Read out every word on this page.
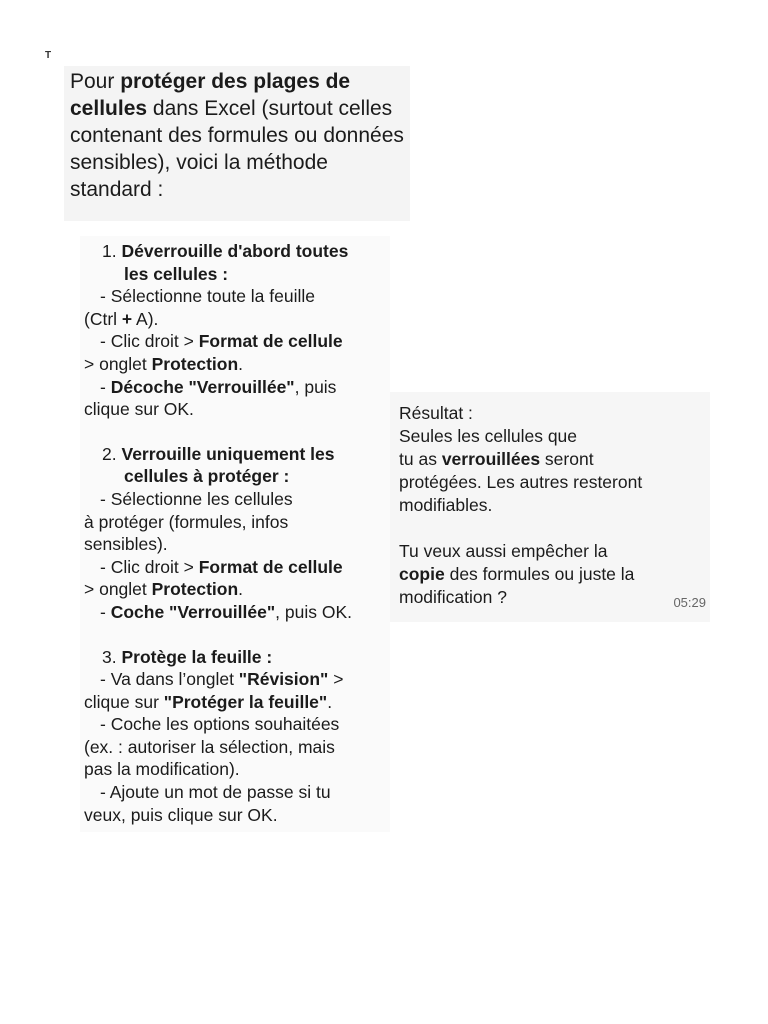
T
Pour protéger des plages de cellules dans Excel (surtout celles contenant des formules ou données sensibles), voici la méthode standard :

1. Déverrouille d'abord toutes
les cellules :

- Sélectionne toute la feuille

(Ctrl + A).

- Clic droit > Format de cellule

> onglet Protection.

- Décoche "Verrouillée", puis

clique sur OK.

2. Verrouille uniquement les
cellules à protéger :

- Sélectionne les cellules

à protéger (formules, infos

sensibles).

- Clic droit > Format de cellule

> onglet Protection.

- Coche "Verrouillée", puis OK.

3. Protège la feuille :

- Va dans l’onglet "Révision" >

clique sur "Protéger la feuille".

- Coche les options souhaitées

(ex. : autoriser la sélection, mais

pas la modification).

- Ajoute un mot de passe si tu

veux, puis clique sur OK.

Résultat :

Seules les cellules que

tu as verrouillées seront

protégées. Les autres resteront

modifiables.

Tu veux aussi empêcher la

copie des formules ou juste la

modification ?	05:29
